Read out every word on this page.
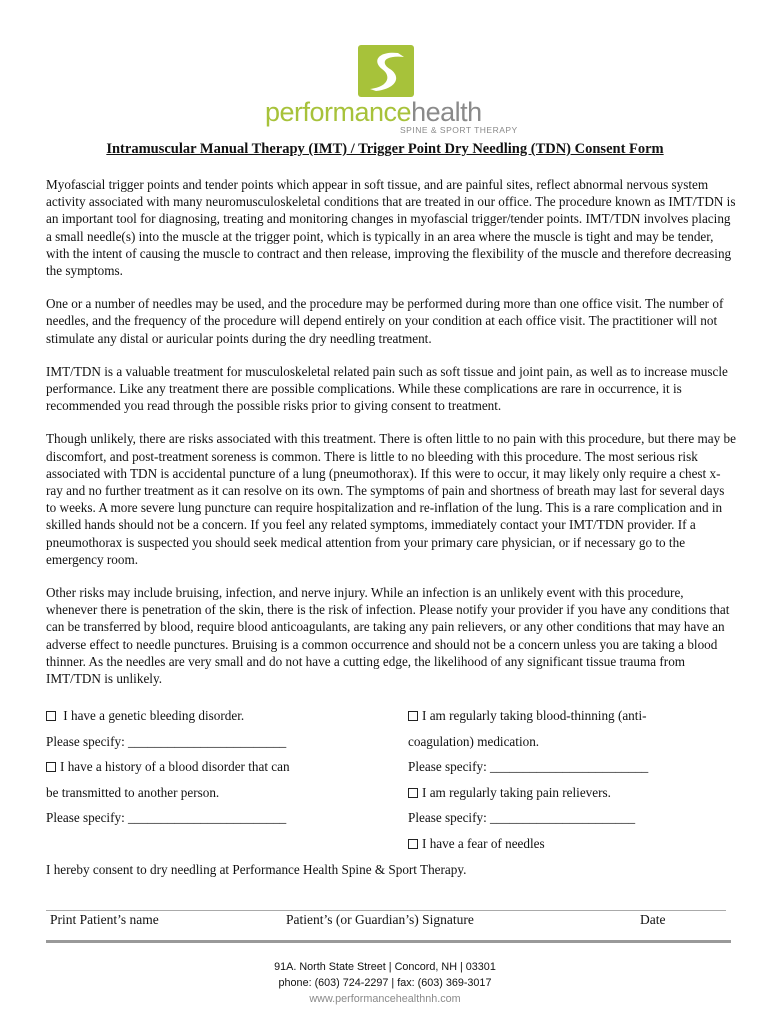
performancehealth
SPINE & SPORT THERAPY
Intramuscular Manual Therapy (IMT) / Trigger Point Dry Needling (TDN) Consent Form

Myofascial trigger points and tender points which appear in soft tissue, and are painful sites, reflect abnormal nervous system activity associated with many neuromusculoskeletal conditions that are treated in our office. The procedure known as IMT/TDN is an important tool for diagnosing, treating and monitoring changes in myofascial trigger/tender points. IMT/TDN involves placing a small needle(s) into the muscle at the trigger point, which is typically in an area where the muscle is tight and may be tender, with the intent of causing the muscle to contract and then release, improving the flexibility of the muscle and therefore decreasing the symptoms.

One or a number of needles may be used, and the procedure may be performed during more than one office visit. The number of needles, and the frequency of the procedure will depend entirely on your condition at each office visit. The practitioner will not stimulate any distal or auricular points during the dry needling treatment.

IMT/TDN is a valuable treatment for musculoskeletal related pain such as soft tissue and joint pain, as well as to increase muscle performance. Like any treatment there are possible complications. While these complications are rare in occurrence, it is recommended you read through the possible risks prior to giving consent to treatment.

Though unlikely, there are risks associated with this treatment. There is often little to no pain with this procedure, but there may be discomfort, and post-treatment soreness is common. There is little to no bleeding with this procedure. The most serious risk associated with TDN is accidental puncture of a lung (pneumothorax). If this were to occur, it may likely only require a chest x-ray and no further treatment as it can resolve on its own. The symptoms of pain and shortness of breath may last for several days to weeks. A more severe lung puncture can require hospitalization and re-inflation of the lung. This is a rare complication and in skilled hands should not be a concern. If you feel any related symptoms, immediately contact your IMT/TDN provider. If a pneumothorax is suspected you should seek medical attention from your primary care physician, or if necessary go to the emergency room.

Other risks may include bruising, infection, and nerve injury. While an infection is an unlikely event with this procedure, whenever there is penetration of the skin, there is the risk of infection. Please notify your provider if you have any conditions that can be transferred by blood, require blood anticoagulants, are taking any pain relievers, or any other conditions that may have an adverse effect to needle punctures. Bruising is a common occurrence and should not be a concern unless you are taking a blood thinner. As the needles are very small and do not have a cutting edge, the likelihood of any significant tissue trauma from IMT/TDN is unlikely.

I have a genetic bleeding disorder.
Please specify: ________________________
I have a history of a blood disorder that can
be transmitted to another person.
Please specify: ________________________
I am regularly taking blood-thinning (anti-
coagulation) medication.
Please specify: ________________________
I am regularly taking pain relievers.
Please specify: ______________________
I have a fear of needles
I hereby consent to dry needling at Performance Health Spine & Sport Therapy.
Print Patient’s name	Patient’s (or Guardian’s) Signature	Date
91A. North State Street | Concord, NH | 03301
phone: (603) 724-2297 | fax: (603) 369-3017
www.performancehealthnh.com
